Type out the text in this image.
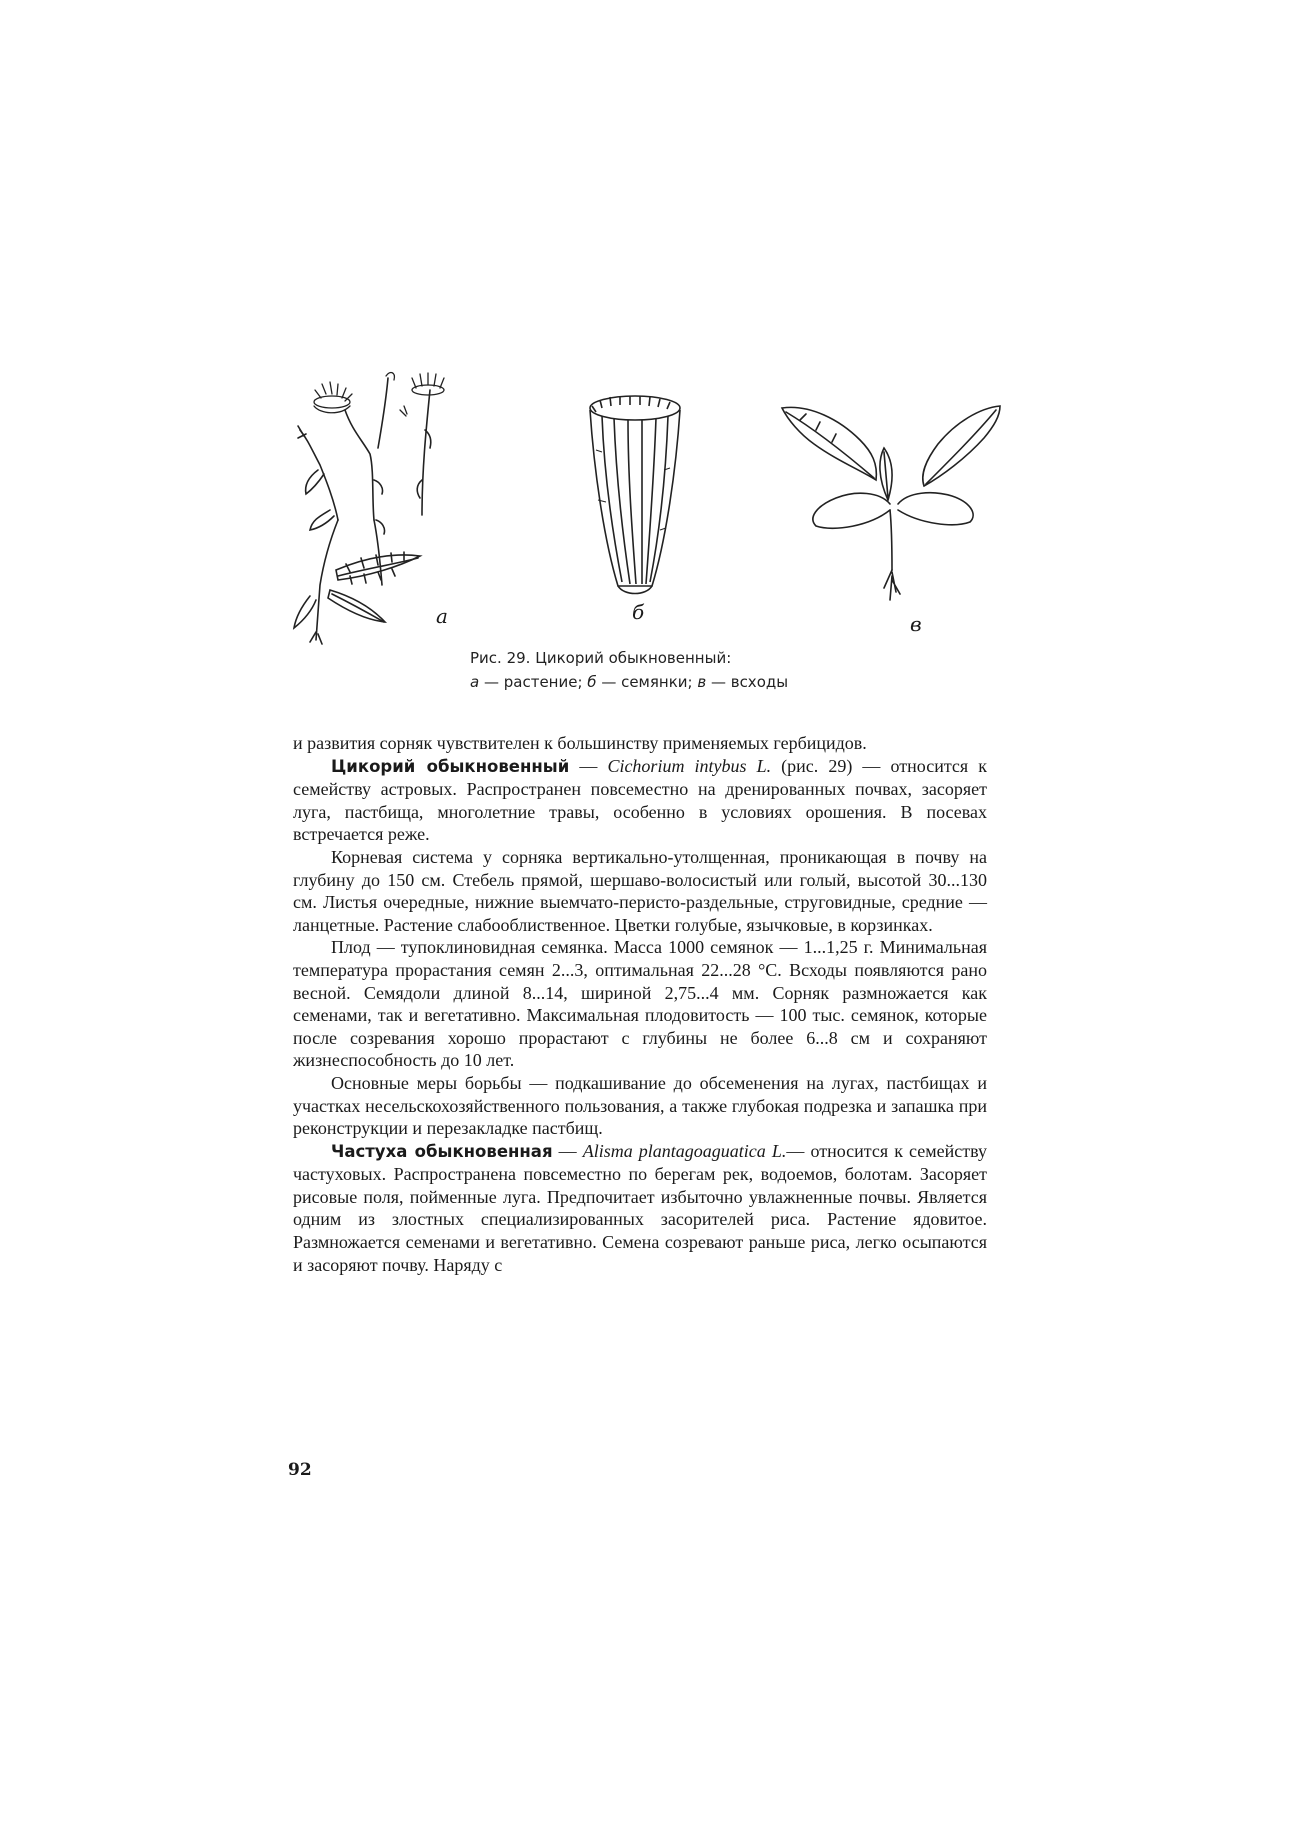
а	б	в
Рис. 29. Цикорий обыкновенный:
а — растение; б — семянки; в — всходы

и развития сорняк чувствителен к большинству применяемых гербицидов.

Цикорий обыкновенный — Cichorium intybus L. (рис. 29) — относится к семейству астровых. Распространен повсеместно на дренированных почвах, засоряет луга, пастбища, многолетние травы, особенно в условиях орошения. В посевах встречается реже.

Корневая система у сорняка вертикально-утолщенная, проникающая в почву на глубину до 150 см. Стебель прямой, шершаво-волосистый или голый, высотой 30...130 см. Листья очередные, нижние выемчато-перисто-раздельные, струговидные, средние — ланцетные. Растение слабооблиственное. Цветки голубые, язычковые, в корзинках.

Плод — тупоклиновидная семянка. Масса 1000 семянок — 1...1,25 г. Минимальная температура прорастания семян 2...3, оптимальная 22...28 °С. Всходы появляются рано весной. Семядоли длиной 8...14, шириной 2,75...4 мм. Сорняк размножается как семенами, так и вегетативно. Максимальная плодовитость — 100 тыс. семянок, которые после созревания хорошо прорастают с глубины не более 6...8 см и сохраняют жизнеспособность до 10 лет.

Основные меры борьбы — подкашивание до обсеменения на лугах, пастбищах и участках несельскохозяйственного пользования, а также глубокая подрезка и запашка при реконструкции и перезакладке пастбищ.

Частуха обыкновенная — Alisma plantagoaguatica L.— относится к семейству частуховых. Распространена повсеместно по берегам рек, водоемов, болотам. Засоряет рисовые поля, пойменные луга. Предпочитает избыточно увлажненные почвы. Является одним из злостных специализированных засорителей риса. Растение ядовитое. Размножается семенами и вегетативно. Семена созревают раньше риса, легко осыпаются и засоряют почву. Наряду с

92
